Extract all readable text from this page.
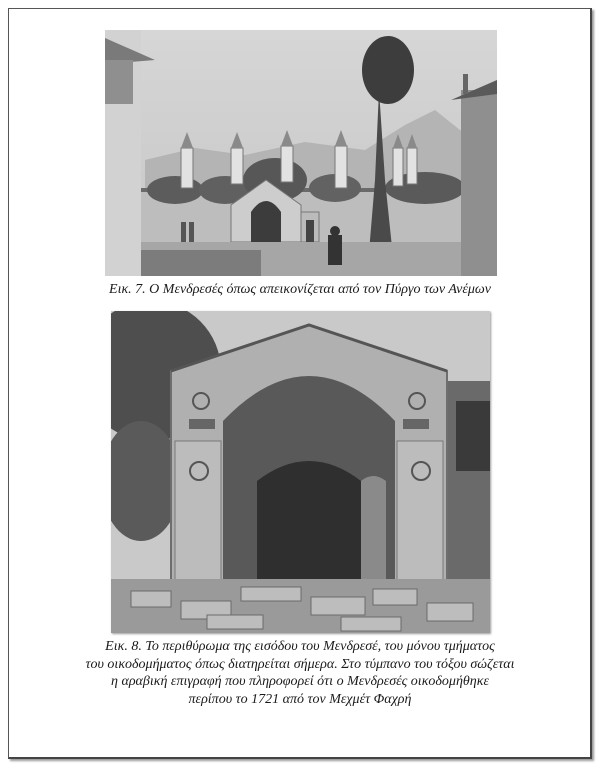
Εικ. 7. Ο Μενδρεσές όπως απεικονίζεται από τον Πύργο των Ανέμων
Εικ. 8. Το περιθύρωμα της εισόδου του Μενδρεσέ, του μόνου τμήματος
του οικοδομήματος όπως διατηρείται σήμερα. Στο τύμπανο του τόξου σώζεται
η αραβική επιγραφή που πληροφορεί ότι ο Μενδρεσές οικοδομήθηκε
περίπου το 1721 από τον Μεχμέτ Φαχρή
